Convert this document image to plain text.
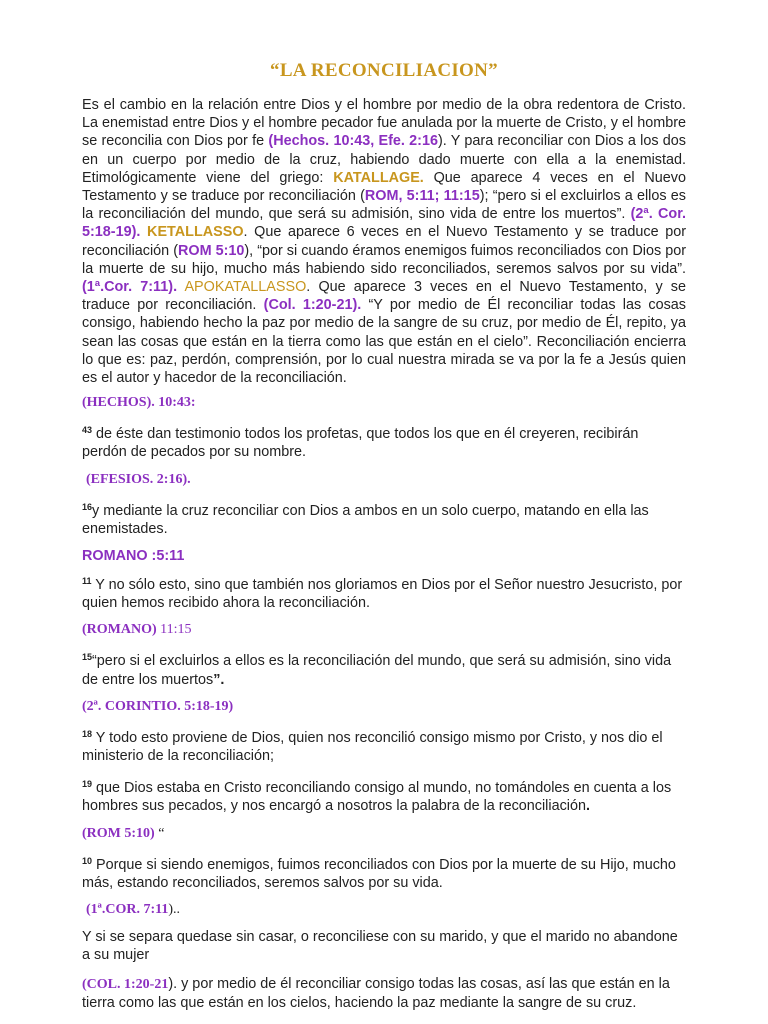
“LA RECONCILIACION”

Es el cambio en la relación entre Dios y el hombre por medio de la obra redentora de Cristo. La enemistad entre Dios y el hombre pecador fue anulada por la muerte de Cristo, y el hombre se reconcilia con Dios por fe (Hechos. 10:43, Efe. 2:16). Y para reconciliar con Dios a los dos en un cuerpo por medio de la cruz, habiendo dado muerte con ella a la enemistad. Etimológicamente viene del griego: KATALLAGE. Que aparece 4 veces en el Nuevo Testamento y se traduce por reconciliación (ROM, 5:11; 11:15); “pero si el excluirlos a ellos es la reconciliación del mundo, que será su admisión, sino vida de entre los muertos”. (2ª. Cor. 5:18-19). KETALLASSO. Que aparece 6 veces en el Nuevo Testamento y se traduce por reconciliación (ROM 5:10), “por si cuando éramos enemigos fuimos reconciliados con Dios por la muerte de su hijo, mucho más habiendo sido reconciliados, seremos salvos por su vida”. (1ª.Cor. 7:11). APOKATALLASSO. Que aparece 3 veces en el Nuevo Testamento, y se traduce por reconciliación. (Col. 1:20-21). “Y por medio de Él reconciliar todas las cosas consigo, habiendo hecho la paz por medio de la sangre de su cruz, por medio de Él, repito, ya sean las cosas que están en la tierra como las que están en el cielo”. Reconciliación encierra lo que es: paz, perdón, comprensión, por lo cual nuestra mirada se va por la fe a Jesús quien es el autor y hacedor de la reconciliación.

(HECHOS). 10:43:

$^{43}$ de éste dan testimonio todos los profetas, que todos los que en él creyeren, recibirán perdón de pecados por su nombre.

(EFESIOS. 2:16).

$^{16}$y mediante la cruz reconciliar con Dios a ambos en un solo cuerpo, matando en ella las enemistades.

ROMANO :5:11

$^{11}$ Y no sólo esto, sino que también nos gloriamos en Dios por el Señor nuestro Jesucristo, por quien hemos recibido ahora la reconciliación.

(ROMANO) 11:15

$^{15}$“pero si el excluirlos a ellos es la reconciliación del mundo, que será su admisión, sino vida de entre los muertos”.

(2ª. CORINTIO. 5:18-19)

$^{18}$ Y todo esto proviene de Dios, quien nos reconcilió consigo mismo por Cristo, y nos dio el ministerio de la reconciliación;

$^{19}$ que Dios estaba en Cristo reconciliando consigo al mundo, no tomándoles en cuenta a los hombres sus pecados, y nos encargó a nosotros la palabra de la reconciliación.

(ROM 5:10) “

$^{10}$ Porque si siendo enemigos, fuimos reconciliados con Dios por la muerte de su Hijo, mucho más, estando reconciliados, seremos salvos por su vida.

(1ª.COR. 7:11)..

Y si se separa quedase sin casar, o reconciliese con su marido, y que el marido no abandone a su mujer

(COL. 1:20-21). y por medio de él reconciliar consigo todas las cosas, así las que están en la tierra como las que están en los cielos, haciendo la paz mediante la sangre de su cruz.
